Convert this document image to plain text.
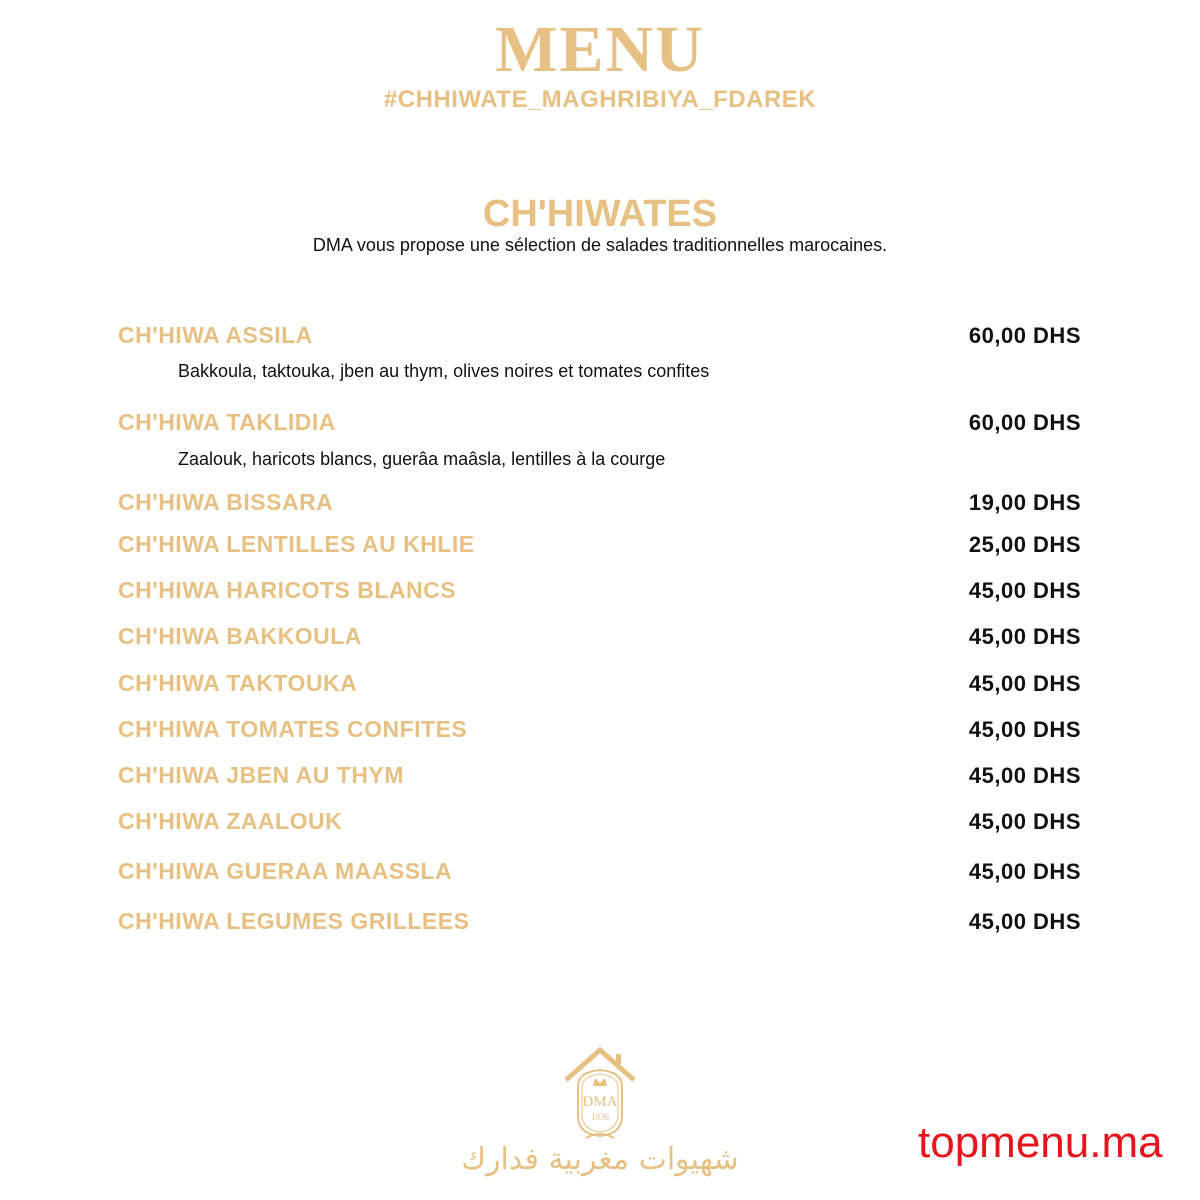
MENU
#CHHIWATE_MAGHRIBIYA_FDAREK
CH'HIWATES
DMA vous propose une sélection de salades traditionnelles marocaines.
CH'HIWA ASSILA	60,00 DHS
Bakkoula, taktouka, jben au thym, olives noires et tomates confites
CH'HIWA TAKLIDIA	60,00 DHS
Zaalouk, haricots blancs, guerâa maâsla, lentilles à la courge
CH'HIWA BISSARA	19,00 DHS
CH'HIWA LENTILLES AU KHLIE	25,00 DHS
CH'HIWA HARICOTS BLANCS	45,00 DHS
CH'HIWA BAKKOULA	45,00 DHS
CH'HIWA TAKTOUKA	45,00 DHS
CH'HIWA TOMATES CONFITES	45,00 DHS
CH'HIWA JBEN AU THYM	45,00 DHS
CH'HIWA ZAALOUK	45,00 DHS
CH'HIWA GUERAA MAASSLA	45,00 DHS
CH'HIWA LEGUMES GRILLEES	45,00 DHS
DMA
1936
شهيوات مغربية فدارك	topmenu.ma
